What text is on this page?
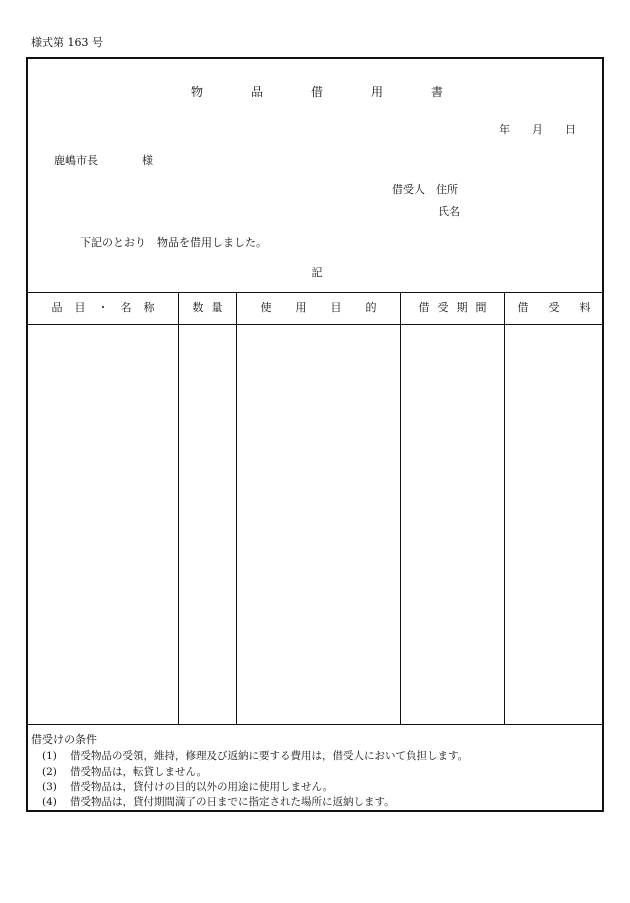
様式第 163 号
物	品	借	用	書
年 月 日
鹿嶋市長	様
借受人　 住所
氏名
下記のとおり　物品を借用しました。
記
品 目 ・ 名 称	数 量	使 用 目 的	借 受 期 間	借 受 料
借受けの条件
(1) 借受物品の受領，維持，修理及び返納に要する費用は，借受人において負担します。
(2) 借受物品は，転貸しません。
(3) 借受物品は，貸付けの目的以外の用途に使用しません。
(4) 借受物品は，貸付期間満了の日までに指定された場所に返納します。
